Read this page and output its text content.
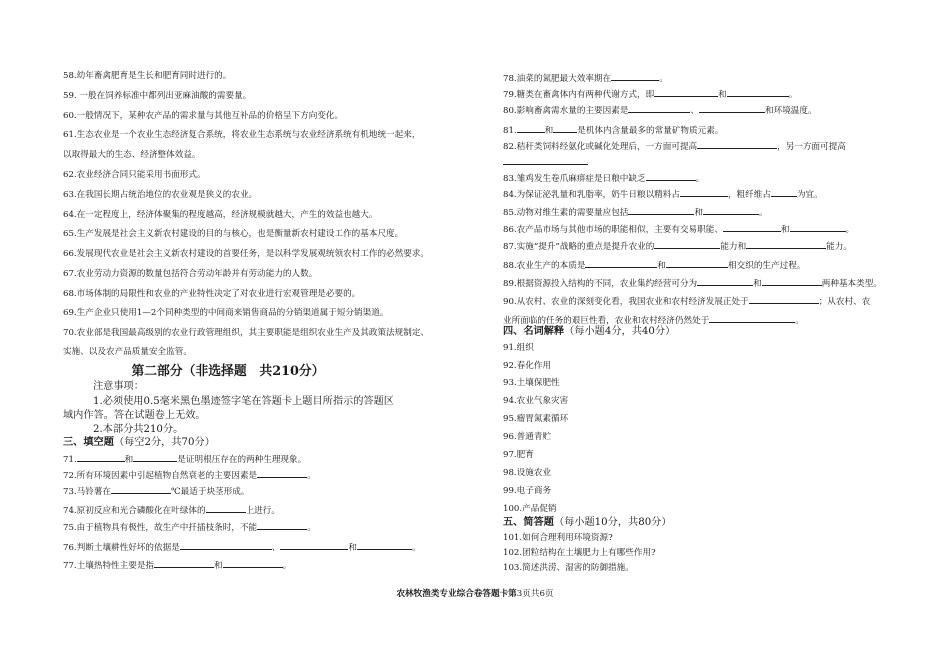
58.幼年畜禽肥育是生长和肥育同时进行的。
59. 一般在饲养标准中都列出亚麻油酸的需要量。
60.一般情况下，某种农产品的需求量与其他互补品的价格呈下方向变化。
61.生态农业是一个农业生态经济复合系统，将农业生态系统与农业经济系统有机地统一起来，
以取得最大的生态、经济整体效益。
62.农业经济合同只能采用书面形式。
63.在我国长期占统治地位的农业观是狭义的农业。
64.在一定程度上，经济体聚集的程度越高，经济规模就越大，产生的效益也越大。
65.生产发展是社会主义新农村建设的目的与核心，也是衡量新农村建设工作的基本尺度。
66.发展现代农业是社会主义新农村建设的首要任务，是以科学发展观统领农村工作的必然要求。
67.农业劳动力资源的数量包括符合劳动年龄并有劳动能力的人数。
68.市场体制的局限性和农业的产业特性决定了对农业进行宏观管理是必要的。
69.生产企业只使用1—2个同种类型的中间商来销售商品的分销渠道属于短分销渠道。
70.农业部是我国最高级别的农业行政管理组织，其主要职能是组织农业生产及其政策法规制定、
实施、以及农产品质量安全监管。
第二部分（非选择题　共210分）
注意事项：
1.必须使用0.5毫米黑色墨迹签字笔在答题卡上题目所指示的答题区
域内作答。答在试题卷上无效。
2.本部分共210分。
三、填空题（每空2分，共70分）
71.	和	是证明根压存在的两种生理现象。
72.所有环境因素中引起植物自然衰老的主要因素是	。
73.马铃薯在	℃最适于块茎形成。
74.原初反应和光合磷酸化在叶绿体的	上进行。
75.由于植物具有极性，故生产中扦插枝条时，不能	。
76.判断土壤耕性好坏的依据是	、	和	。
77.土壤热特性主要是指	和	。
78.油菜的氮肥最大效率期在	。
79.糖类在畜禽体内有两种代谢方式，即	和	。
80.影响畜禽需水量的主要因素是	、	和环境温度。
81.	和	是机体内含量最多的常量矿物质元素。
82.秸秆类饲料经氨化或碱化处理后，一方面可提高	，另一方面可提高
83.雏鸡发生卷爪麻痹症是日粮中缺乏	。
84.为保证泌乳量和乳脂率，奶牛日粮以精料占	，粗纤维占	为宜。
85.动物对维生素的需要量应包括	和	。
86.农产品市场与其他市场的职能相似，主要有交易职能、	和	。
87.实施“提升”战略的重点是提升农业的	能力和	能力。
88.农业生产的本质是	和	相交织的生产过程。
89.根据资源投入结构的不同，农业集约经营可分为	和	两种基本类型。
90.从农村、农业的深刻变化看，我国农业和农村经济发展正处于	；从农村、农
业所面临的任务的艰巨性看，农业和农村经济仍然处于	。
四、名词解释（每小题4分，共40分）
91.组织
92.春化作用
93.土壤保肥性
94.农业气象灾害
95.瘤胃氮素循环
96.普通青贮
97.肥育
98.设施农业
99.电子商务
100.产品促销
五、简答题（每小题10分，共80分）
101.如何合理利用环境资源?
102.团粒结构在土壤肥力上有哪些作用?
103.简述洪涝、湿害的防御措施。
农林牧渔类专业综合卷答题卡第3页共6页
